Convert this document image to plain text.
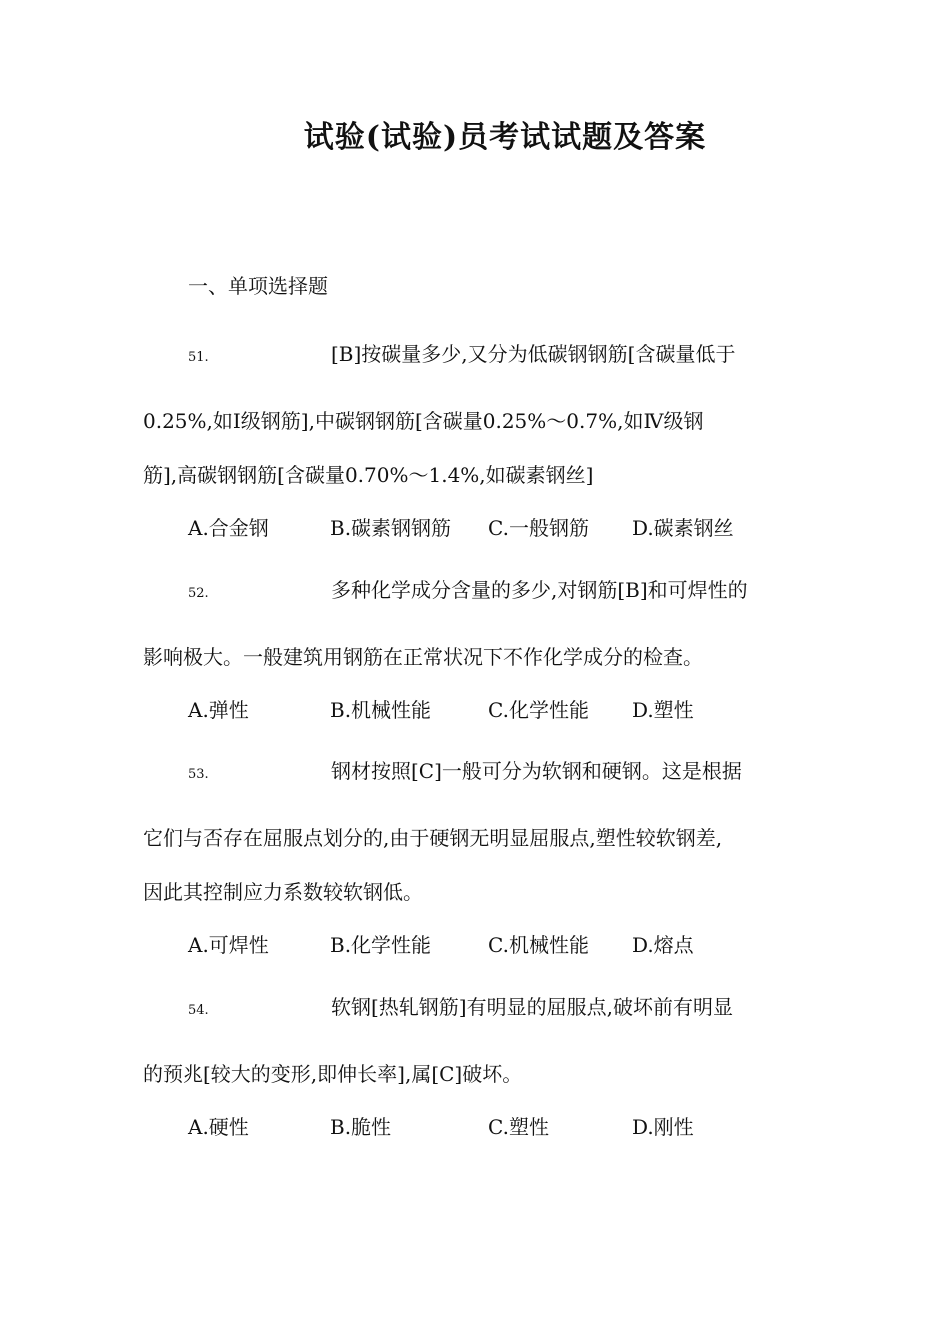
试验(试验)员考试试题及答案
一、单项选择题
51.	[B]按碳量多少,又分为低碳钢钢筋[含碳量低于
0.25%,如Ⅰ级钢筋],中碳钢钢筋[含碳量0.25%～0.7%,如Ⅳ级钢
筋],高碳钢钢筋[含碳量0.70%～1.4%,如碳素钢丝]
A.合金钢	B.碳素钢钢筋 C.一般钢筋 D.碳素钢丝
52.	多种化学成分含量的多少,对钢筋[B]和可焊性的
影响极大。一般建筑用钢筋在正常状况下不作化学成分的检查。
A.弹性	B.机械性能	C.化学性能 D.塑性
53.	钢材按照[C]一般可分为软钢和硬钢。这是根据
它们与否存在屈服点划分的,由于硬钢无明显屈服点,塑性较软钢差,
因此其控制应力系数较软钢低。
A.可焊性	B.化学性能	C.机械性能 D.熔点
54.	软钢[热轧钢筋]有明显的屈服点,破坏前有明显
的预兆[较大的变形,即伸长率],属[C]破坏。
A.硬性	B.脆性	C.塑性	D.刚性
